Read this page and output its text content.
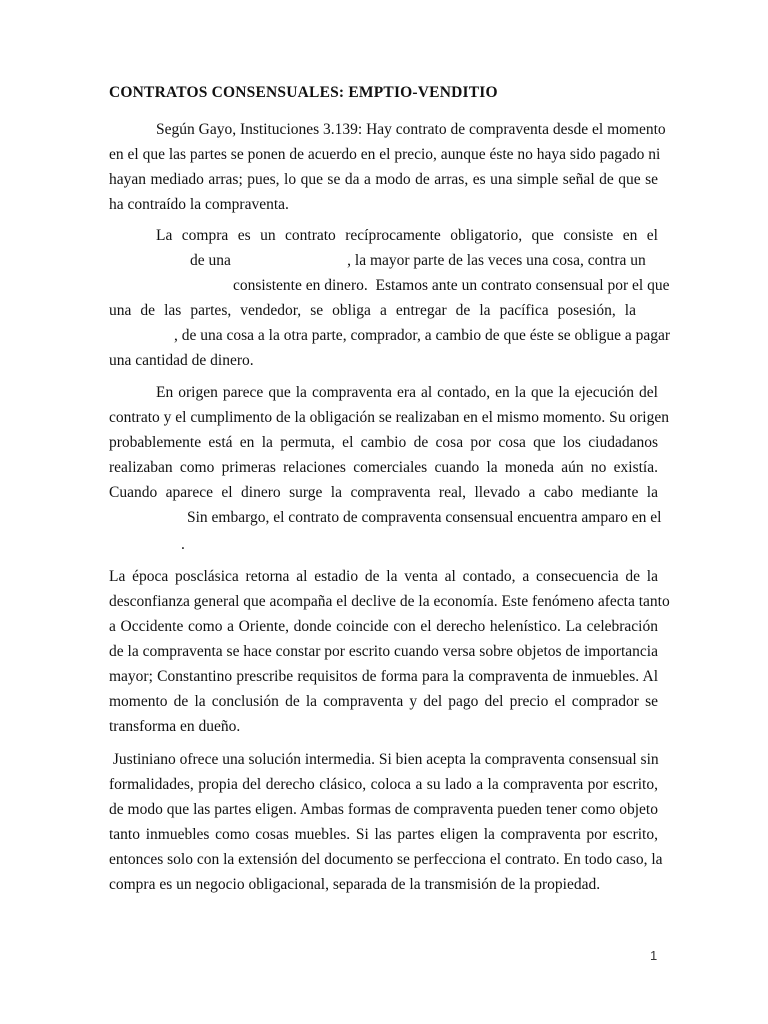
CONTRATOS CONSENSUALES: EMPTIO-VENDITIO
Según Gayo, Instituciones 3.139: Hay contrato de compraventa desde el momento
en el que las partes se ponen de acuerdo en el precio, aunque éste no haya sido pagado ni
hayan mediado arras; pues, lo que se da a modo de arras, es una simple señal de que se
ha contraído la compraventa.
La compra es un contrato recíprocamente obligatorio, que consiste en el
de una                              , la mayor parte de las veces una cosa, contra un
consistente en dinero.  Estamos ante un contrato consensual por el que
una de las partes, vendedor, se obliga a entregar de la pacífica posesión, la
, de una cosa a la otra parte, comprador, a cambio de que éste se obligue a pagar
una cantidad de dinero.
En origen parece que la compraventa era al contado, en la que la ejecución del
contrato y el cumplimento de la obligación se realizaban en el mismo momento. Su origen
probablemente está en la permuta, el cambio de cosa por cosa que los ciudadanos
realizaban como primeras relaciones comerciales cuando la moneda aún no existía.
Cuando aparece el dinero surge la compraventa real, llevado a cabo mediante la
Sin embargo, el contrato de compraventa consensual encuentra amparo en el
.
La época posclásica retorna al estadio de la venta al contado, a consecuencia de la
desconfianza general que acompaña el declive de la economía. Este fenómeno afecta tanto
a Occidente como a Oriente, donde coincide con el derecho helenístico. La celebración
de la compraventa se hace constar por escrito cuando versa sobre objetos de importancia
mayor; Constantino prescribe requisitos de forma para la compraventa de inmuebles. Al
momento de la conclusión de la compraventa y del pago del precio el comprador se
transforma en dueño.
Justiniano ofrece una solución intermedia. Si bien acepta la compraventa consensual sin
formalidades, propia del derecho clásico, coloca a su lado a la compraventa por escrito,
de modo que las partes eligen. Ambas formas de compraventa pueden tener como objeto
tanto inmuebles como cosas muebles. Si las partes eligen la compraventa por escrito,
entonces solo con la extensión del documento se perfecciona el contrato. En todo caso, la
compra es un negocio obligacional, separada de la transmisión de la propiedad.
1
